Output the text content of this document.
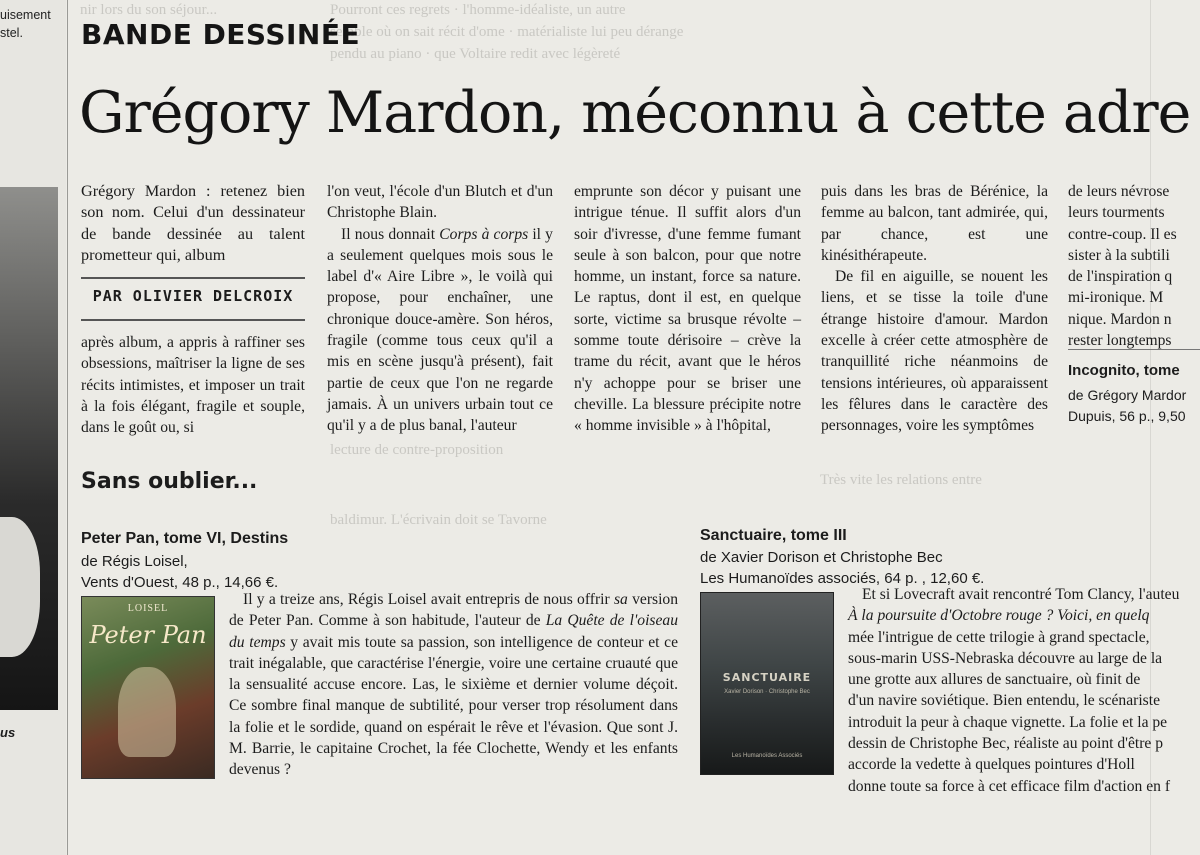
uisement
stel.
us
nir lors du son séjour...	Pourront ces regrets · l'homme-idéaliste, un autre
semble où on sait récit d'ome · matérialiste lui peu dérange
pendu au piano · que Voltaire redit avec légèreté
BANDE DESSINÉE
Grégory Mardon, méconnu à cette adre
Grégory Mardon : retenez bien son nom. Celui d'un dessinateur de bande dessinée au talent prometteur qui, album
PAR OLIVIER DELCROIX
après album, a appris à raffiner ses obsessions, maîtriser la ligne de ses récits intimistes, et imposer un trait à la fois élégant, fragile et souple, dans le goût ou, si

l'on veut, l'école d'un Blutch et d'un Christophe Blain.

Il nous donnait Corps à corps il y a seulement quelques mois sous le label d'« Aire Libre », le voilà qui propose, pour enchaîner, une chronique douce-amère. Son héros, fragile (comme tous ceux qu'il a mis en scène jusqu'à présent), fait partie de ceux que l'on ne regarde jamais. À un univers urbain tout ce qu'il y a de plus banal, l'auteur

emprunte son décor y puisant une intrigue ténue. Il suffit alors d'un soir d'ivresse, d'une femme fumant seule à son balcon, pour que notre homme, un instant, force sa nature. Le raptus, dont il est, en quelque sorte, victime sa brusque révolte – somme toute dérisoire – crève la trame du récit, avant que le héros n'y achoppe pour se briser une cheville. La blessure précipite notre « homme invisible » à l'hôpital,

puis dans les bras de Bérénice, la femme au balcon, tant admirée, qui, par chance, est une kinésithérapeute.

De fil en aiguille, se nouent les liens, et se tisse la toile d'une étrange histoire d'amour. Mardon excelle à créer cette atmosphère de tranquillité riche néanmoins de tensions intérieures, où apparaissent les fêlures dans le caractère des personnages, voire les symptômes

de leurs névrose
leurs tourments
contre-coup. Il es
sister à la subtili
de l'inspiration q
mi-ironique. M
nique. Mardon n
rester longtemps
Incognito, tome
de Grégory Mardor
Dupuis, 56 p., 9,50
lecture de contre-proposition
Très vite les relations entre
baldimur. L'écrivain doit se Tavorne
Sans oublier...
Peter Pan, tome VI, Destins
de Régis Loisel,
Vents d'Ouest, 48 p., 14,66 €.
LOISEL
Peter Pan

Il y a treize ans, Régis Loisel avait entrepris de nous offrir sa version de Peter Pan. Comme à son habitude, l'auteur de La Quête de l'oiseau du temps y avait mis toute sa passion, son intelligence de conteur et ce trait inégalable, que caractérise l'énergie, voire une certaine cruauté que la sensualité accuse encore. Las, le sixième et dernier volume déçoit. Ce sombre final manque de subtilité, pour verser trop résolument dans la folie et le sordide, quand on espérait le rêve et l'évasion. Que sont J. M. Barrie, le capitaine Crochet, la fée Clochette, Wendy et les enfants devenus ?

Sanctuaire, tome III
de Xavier Dorison et Christophe Bec
Les Humanoïdes associés, 64 p. , 12,60 €.
SANCTUAIRE
Xavier Dorison · Christophe Bec
Les Humanoïdes Associés
Et si Lovecraft avait rencontré Tom Clancy, l'auteu
À la poursuite d'Octobre rouge ? Voici, en quelq
mée l'intrigue de cette trilogie à grand spectacle,
sous-marin USS-Nebraska découvre au large de la
une grotte aux allures de sanctuaire, où finit de
d'un navire soviétique. Bien entendu, le scénariste
introduit la peur à chaque vignette. La folie et la pe
dessin de Christophe Bec, réaliste au point d'être p
accorde la vedette à quelques pointures d'Holl
donne toute sa force à cet efficace film d'action en f
